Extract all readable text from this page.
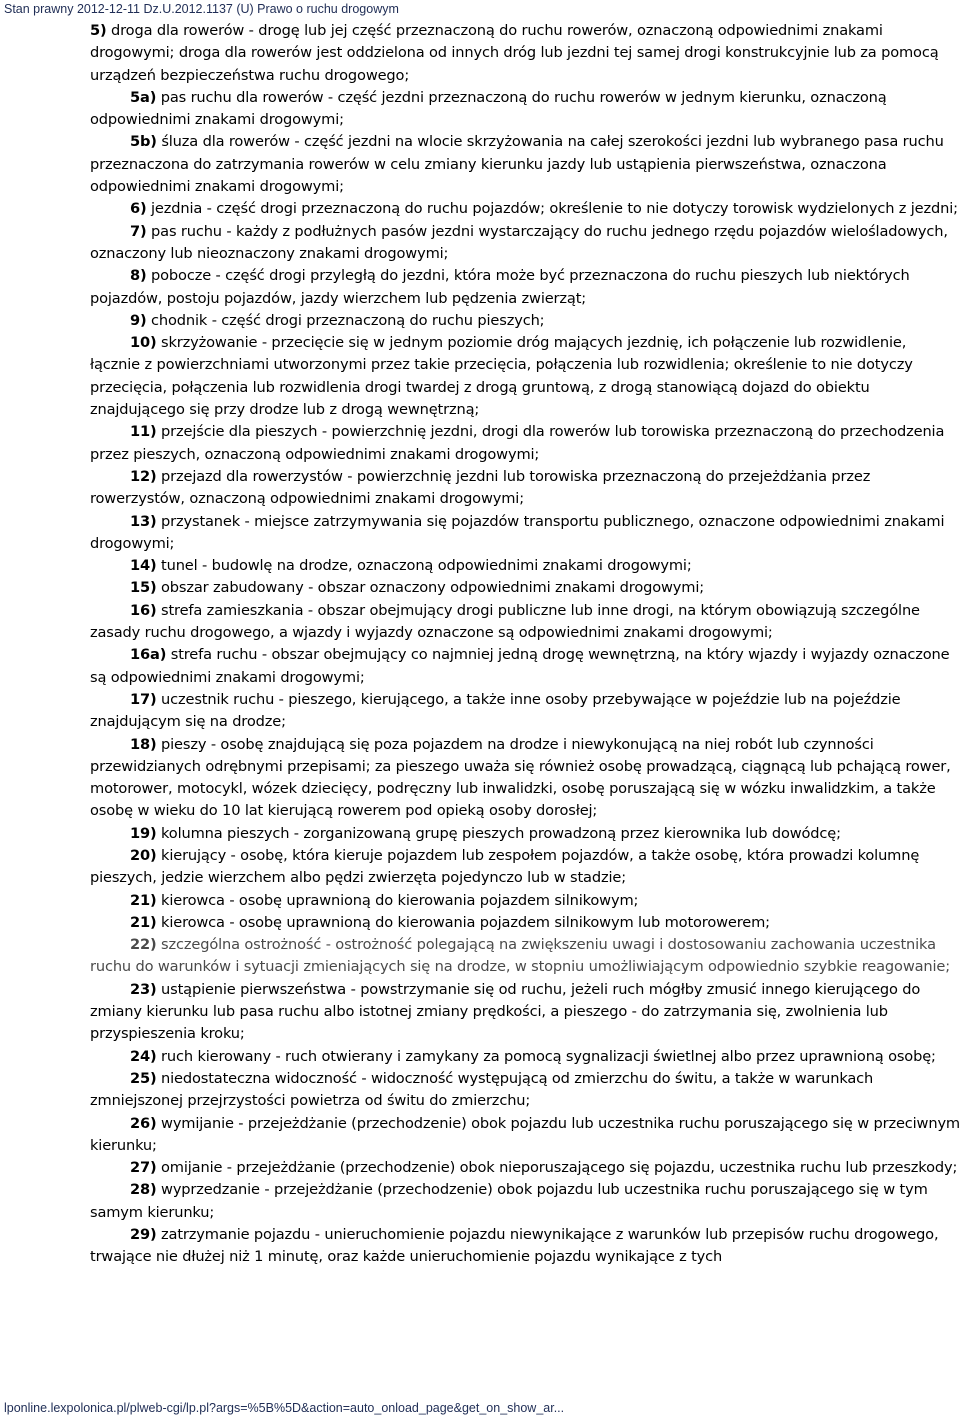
Stan prawny 2012-12-11 Dz.U.2012.1137 (U) Prawo o ruchu drogowym

5) droga dla rowerów - drogę lub jej część przeznaczoną do ruchu rowerów, oznaczoną odpowiednimi znakami drogowymi; droga dla rowerów jest oddzielona od innych dróg lub jezdni tej samej drogi konstrukcyjnie lub za pomocą urządzeń bezpieczeństwa ruchu drogowego;

5a) pas ruchu dla rowerów - część jezdni przeznaczoną do ruchu rowerów w jednym kierunku, oznaczoną odpowiednimi znakami drogowymi;

5b) śluza dla rowerów - część jezdni na wlocie skrzyżowania na całej szerokości jezdni lub wybranego pasa ruchu przeznaczona do zatrzymania rowerów w celu zmiany kierunku jazdy lub ustąpienia pierwszeństwa, oznaczona odpowiednimi znakami drogowymi;

6) jezdnia - część drogi przeznaczoną do ruchu pojazdów; określenie to nie dotyczy torowisk wydzielonych z jezdni;

7) pas ruchu - każdy z podłużnych pasów jezdni wystarczający do ruchu jednego rzędu pojazdów wielośladowych, oznaczony lub nieoznaczony znakami drogowymi;

8) pobocze - część drogi przyległą do jezdni, która może być przeznaczona do ruchu pieszych lub niektórych pojazdów, postoju pojazdów, jazdy wierzchem lub pędzenia zwierząt;

9) chodnik - część drogi przeznaczoną do ruchu pieszych;

10) skrzyżowanie - przecięcie się w jednym poziomie dróg mających jezdnię, ich połączenie lub rozwidlenie, łącznie z powierzchniami utworzonymi przez takie przecięcia, połączenia lub rozwidlenia; określenie to nie dotyczy przecięcia, połączenia lub rozwidlenia drogi twardej z drogą gruntową, z drogą stanowiącą dojazd do obiektu znajdującego się przy drodze lub z drogą wewnętrzną;

11) przejście dla pieszych - powierzchnię jezdni, drogi dla rowerów lub torowiska przeznaczoną do przechodzenia przez pieszych, oznaczoną odpowiednimi znakami drogowymi;

12) przejazd dla rowerzystów - powierzchnię jezdni lub torowiska przeznaczoną do przejeżdżania przez rowerzystów, oznaczoną odpowiednimi znakami drogowymi;

13) przystanek - miejsce zatrzymywania się pojazdów transportu publicznego, oznaczone odpowiednimi znakami drogowymi;

14) tunel - budowlę na drodze, oznaczoną odpowiednimi znakami drogowymi;

15) obszar zabudowany - obszar oznaczony odpowiednimi znakami drogowymi;

16) strefa zamieszkania - obszar obejmujący drogi publiczne lub inne drogi, na którym obowiązują szczególne zasady ruchu drogowego, a wjazdy i wyjazdy oznaczone są odpowiednimi znakami drogowymi;

16a) strefa ruchu - obszar obejmujący co najmniej jedną drogę wewnętrzną, na który wjazdy i wyjazdy oznaczone są odpowiednimi znakami drogowymi;

17) uczestnik ruchu - pieszego, kierującego, a także inne osoby przebywające w pojeździe lub na pojeździe znajdującym się na drodze;

18) pieszy - osobę znajdującą się poza pojazdem na drodze i niewykonującą na niej robót lub czynności przewidzianych odrębnymi przepisami; za pieszego uważa się również osobę prowadzącą, ciągnącą lub pchającą rower, motorower, motocykl, wózek dziecięcy, podręczny lub inwalidzki, osobę poruszającą się w wózku inwalidzkim, a także osobę w wieku do 10 lat kierującą rowerem pod opieką osoby dorosłej;

19) kolumna pieszych - zorganizowaną grupę pieszych prowadzoną przez kierownika lub dowódcę;

20) kierujący - osobę, która kieruje pojazdem lub zespołem pojazdów, a także osobę, która prowadzi kolumnę pieszych, jedzie wierzchem albo pędzi zwierzęta pojedynczo lub w stadzie;

21) kierowca - osobę uprawnioną do kierowania pojazdem silnikowym;

21) kierowca - osobę uprawnioną do kierowania pojazdem silnikowym lub motorowerem;

22) szczególna ostrożność - ostrożność polegającą na zwiększeniu uwagi i dostosowaniu zachowania uczestnika ruchu do warunków i sytuacji zmieniających się na drodze, w stopniu umożliwiającym odpowiednio szybkie reagowanie;

23) ustąpienie pierwszeństwa - powstrzymanie się od ruchu, jeżeli ruch mógłby zmusić innego kierującego do zmiany kierunku lub pasa ruchu albo istotnej zmiany prędkości, a pieszego - do zatrzymania się, zwolnienia lub przyspieszenia kroku;

24) ruch kierowany - ruch otwierany i zamykany za pomocą sygnalizacji świetlnej albo przez uprawnioną osobę;

25) niedostateczna widoczność - widoczność występującą od zmierzchu do świtu, a także w warunkach zmniejszonej przejrzystości powietrza od świtu do zmierzchu;

26) wymijanie - przejeżdżanie (przechodzenie) obok pojazdu lub uczestnika ruchu poruszającego się w przeciwnym kierunku;

27) omijanie - przejeżdżanie (przechodzenie) obok nieporuszającego się pojazdu, uczestnika ruchu lub przeszkody;

28) wyprzedzanie - przejeżdżanie (przechodzenie) obok pojazdu lub uczestnika ruchu poruszającego się w tym samym kierunku;

29) zatrzymanie pojazdu - unieruchomienie pojazdu niewynikające z warunków lub przepisów ruchu drogowego, trwające nie dłużej niż 1 minutę, oraz każde unieruchomienie pojazdu wynikające z tych

lponline.lexpolonica.pl/plweb-cgi/lp.pl?args=%5B%5D&action=auto_onload_page&get_on_show_ar...
